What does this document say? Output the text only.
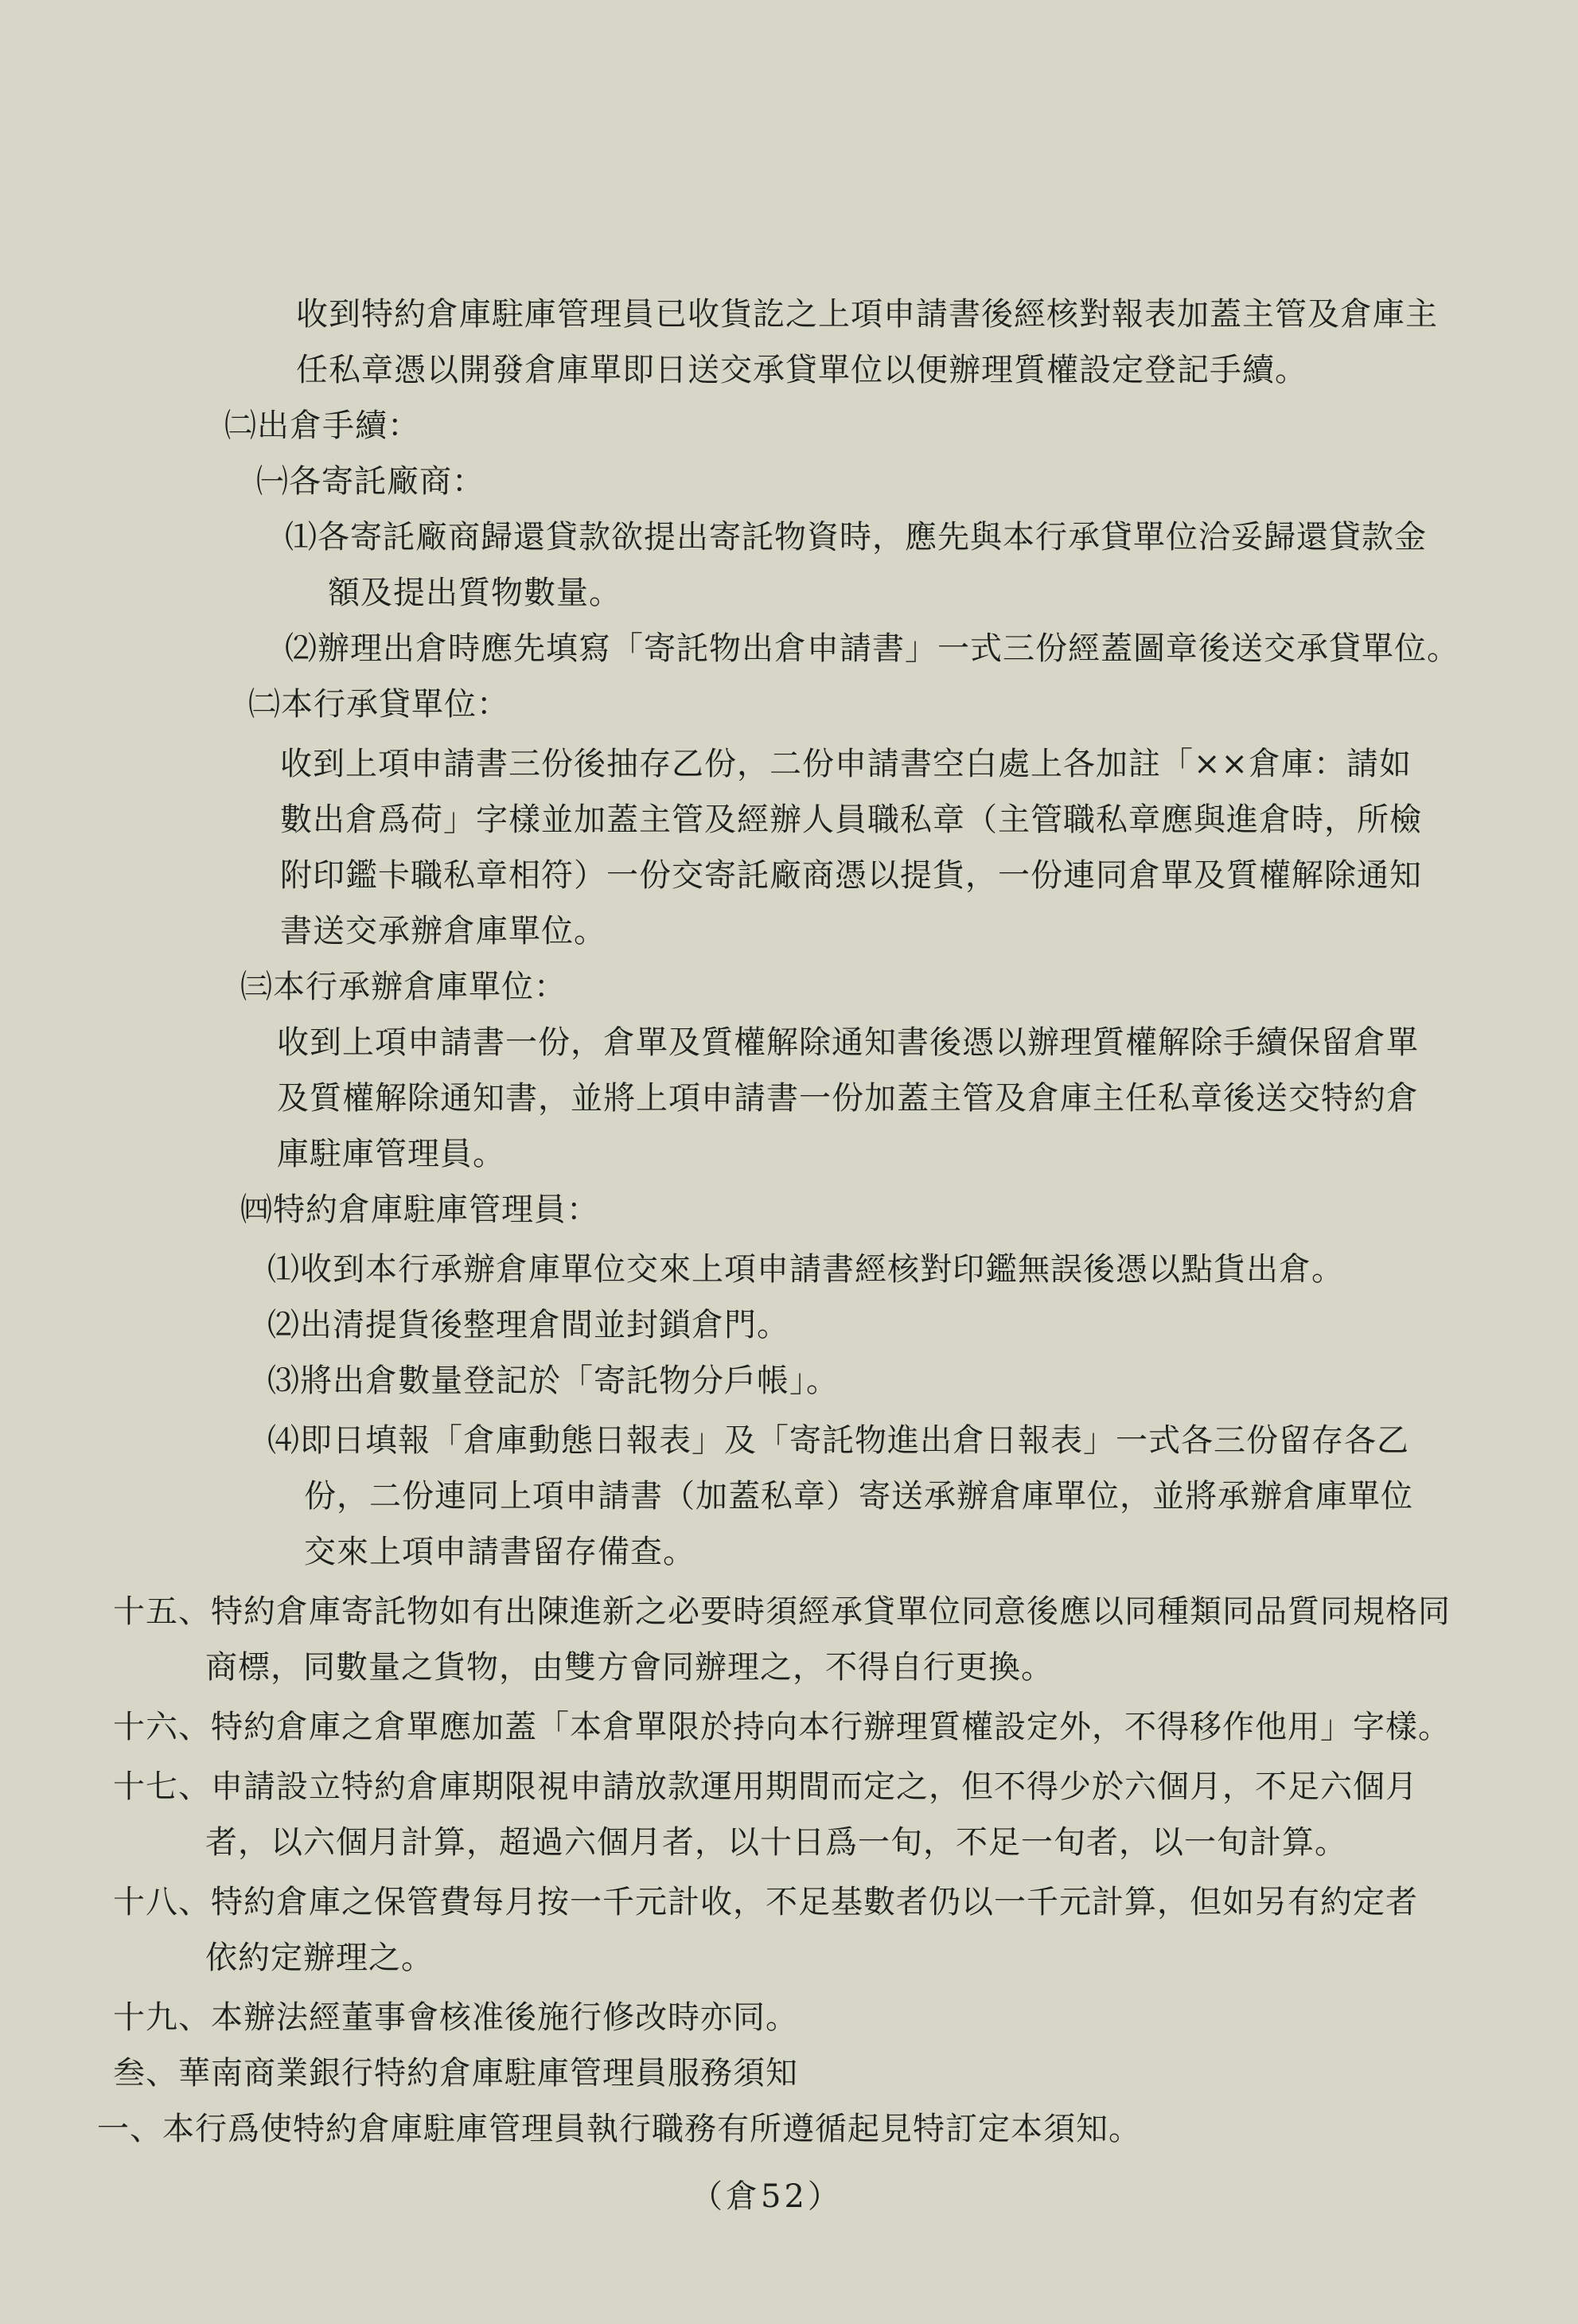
收到特約倉庫駐庫管理員已收貨訖之上項申請書後經核對報表加蓋主管及倉庫主
任私章憑以開發倉庫單即日送交承貸單位以便辦理質權設定登記手續。
㈡出倉手續：
㈠各寄託廠商：
⑴各寄託廠商歸還貸款欲提出寄託物資時，應先與本行承貸單位洽妥歸還貸款金
額及提出質物數量。
⑵辦理出倉時應先填寫「寄託物出倉申請書」一式三份經蓋圖章後送交承貸單位。
㈡本行承貸單位：
收到上項申請書三份後抽存乙份，二份申請書空白處上各加註「××倉庫：請如
數出倉爲荷」字樣並加蓋主管及經辦人員職私章（主管職私章應與進倉時，所檢
附印鑑卡職私章相符）一份交寄託廠商憑以提貨，一份連同倉單及質權解除通知
書送交承辦倉庫單位。
㈢本行承辦倉庫單位：
收到上項申請書一份，倉單及質權解除通知書後憑以辦理質權解除手續保留倉單
及質權解除通知書，並將上項申請書一份加蓋主管及倉庫主任私章後送交特約倉
庫駐庫管理員。
㈣特約倉庫駐庫管理員：
⑴收到本行承辦倉庫單位交來上項申請書經核對印鑑無誤後憑以點貨出倉。
⑵出清提貨後整理倉間並封鎖倉門。
⑶將出倉數量登記於「寄託物分戶帳」。
⑷即日填報「倉庫動態日報表」及「寄託物進出倉日報表」一式各三份留存各乙
份，二份連同上項申請書（加蓋私章）寄送承辦倉庫單位，並將承辦倉庫單位
交來上項申請書留存備查。
十五、特約倉庫寄託物如有出陳進新之必要時須經承貸單位同意後應以同種類同品質同規格同
商標，同數量之貨物，由雙方會同辦理之，不得自行更換。
十六、特約倉庫之倉單應加蓋「本倉單限於持向本行辦理質權設定外，不得移作他用」字樣。
十七、申請設立特約倉庫期限視申請放款運用期間而定之，但不得少於六個月，不足六個月
者，以六個月計算，超過六個月者，以十日爲一旬，不足一旬者，以一旬計算。
十八、特約倉庫之保管費每月按一千元計收，不足基數者仍以一千元計算，但如另有約定者
依約定辦理之。
十九、本辦法經董事會核准後施行修改時亦同。
叁、華南商業銀行特約倉庫駐庫管理員服務須知
一、本行爲使特約倉庫駐庫管理員執行職務有所遵循起見特訂定本須知。
（倉52）
